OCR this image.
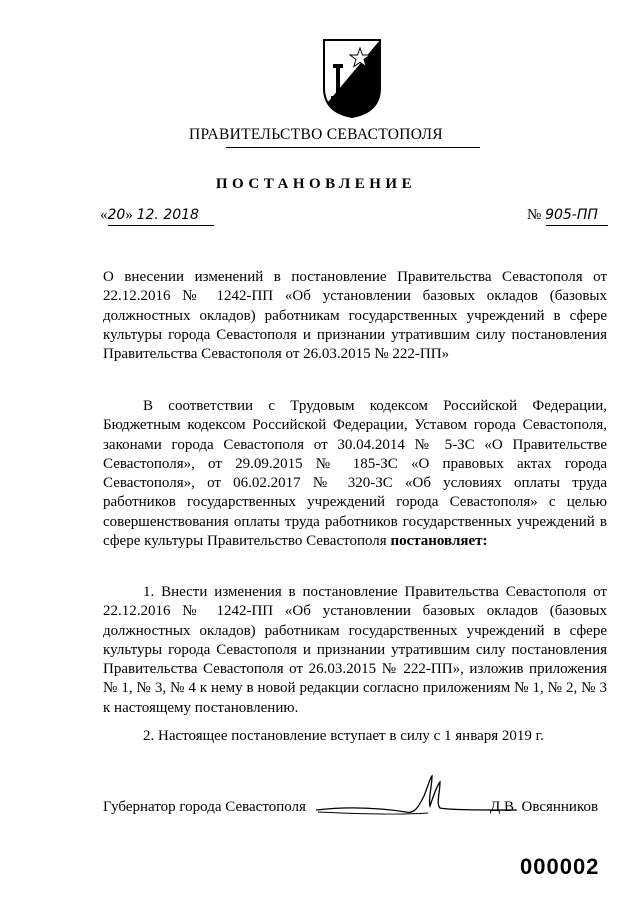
ПРАВИТЕЛЬСТВО СЕВАСТОПОЛЯ
ПОСТАНОВЛЕНИЕ
«20» 12. 2018	№ 905-ПП
О внесении изменений в постановление Правительства Севастополя от 22.12.2016 № 1242-ПП «Об установлении базовых окладов (базовых должностных окладов) работникам государственных учреждений в сфере культуры города Севастополя и признании утратившим силу постановления Правительства Севастополя от 26.03.2015 № 222-ПП»
В соответствии с Трудовым кодексом Российской Федерации, Бюджетным кодексом Российской Федерации, Уставом города Севастополя, законами города Севастополя от 30.04.2014 № 5-ЗС «О Правительстве Севастополя», от 29.09.2015 № 185-ЗС «О правовых актах города Севастополя», от 06.02.2017 № 320-ЗС «Об условиях оплаты труда работников государственных учреждений города Севастополя» с целью совершенствования оплаты труда работников государственных учреждений в сфере культуры Правительство Севастополя постановляет:
1. Внести изменения в постановление Правительства Севастополя от 22.12.2016 № 1242-ПП «Об установлении базовых окладов (базовых должностных окладов) работникам государственных учреждений в сфере культуры города Севастополя и признании утратившим силу постановления Правительства Севастополя от 26.03.2015 № 222-ПП», изложив приложения № 1, № 3, № 4 к нему в новой редакции согласно приложениям № 1, № 2, № 3 к настоящему постановлению.
2. Настоящее постановление вступает в силу с 1 января 2019 г.
Губернатор города Севастополя	Д.В. Овсянников
000002
